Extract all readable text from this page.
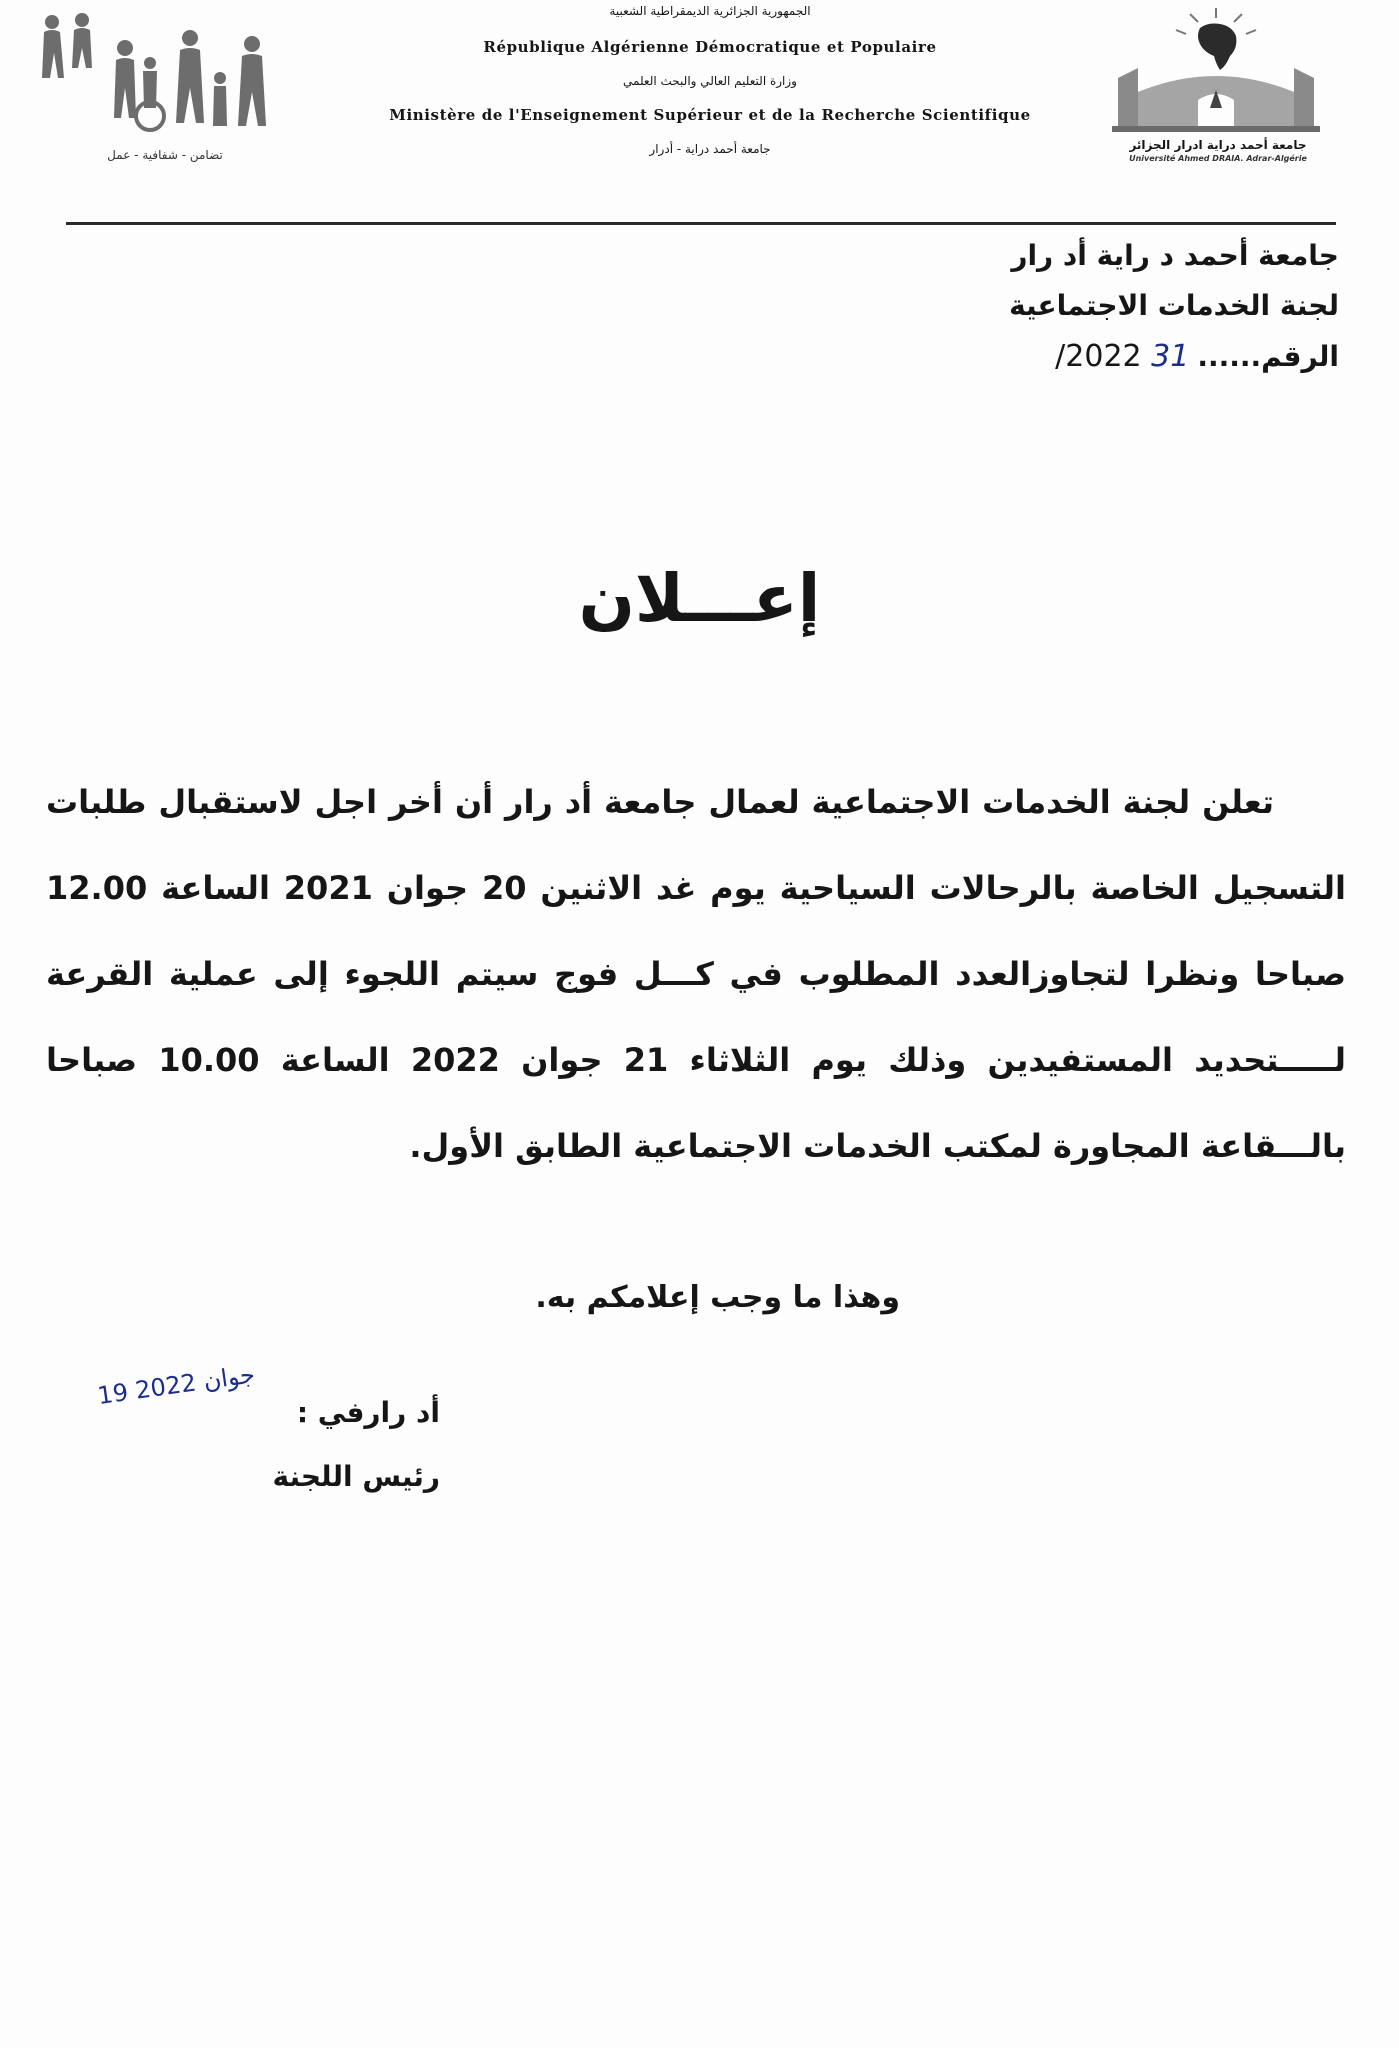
تضامن - شفافية - عمل
الجمهورية الجزائرية الديمقراطية الشعبية
République Algérienne Démocratique et Populaire
وزارة التعليم العالي والبحث العلمي
Ministère de l'Enseignement Supérieur et de la Recherche Scientifique
جامعة أحمد دراية - أدرار	جامعة أحمد دراية ادرار الجزائر
Université Ahmed DRAIA. Adrar-Algérie
جامعة أحمد د راية أد رار
لجنة الخدمات الاجتماعية
الرقم......
/2022 31
إعـــلان
تعلن لجنة الخدمات الاجتماعية لعمال جامعة أد رار أن أخر اجل لاستقبال طلبات
التسجيل الخاصة بالرحالات السياحية يوم غد الاثنين 20 جوان 2021 الساعة 12.00
صباحا ونظرا لتجاوزالعدد المطلوب في كـــل فوج سيتم اللجوء إلى عملية القرعة
لـــــتحديد المستفيدين وذلك يوم الثلاثاء 21 جوان 2022 الساعة 10.00 صباحا
بالـــقاعة المجاورة لمكتب الخدمات الاجتماعية الطابق الأول.
وهذا ما وجب إعلامكم به.
19 جوان 2022
أد رارفي :
رئيس اللجنة
